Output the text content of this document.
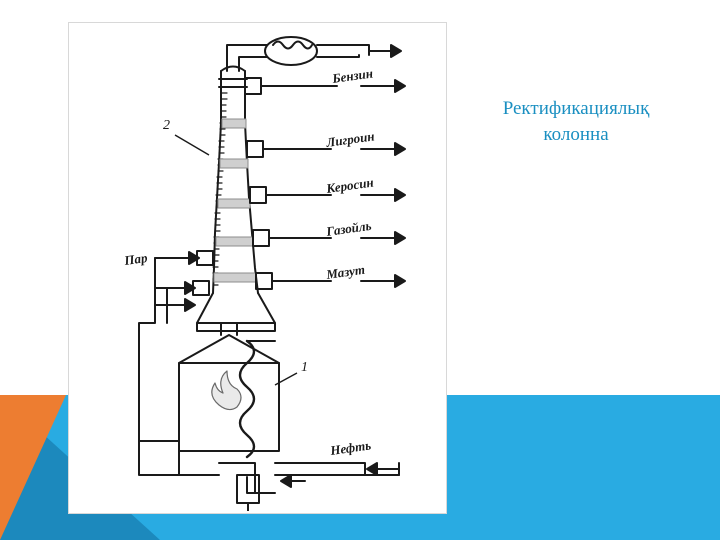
Ректификациялық
колонна
Бензин
Лигроин
Керосин
Газойль
Мазут
Пар
Нефть
2
1
